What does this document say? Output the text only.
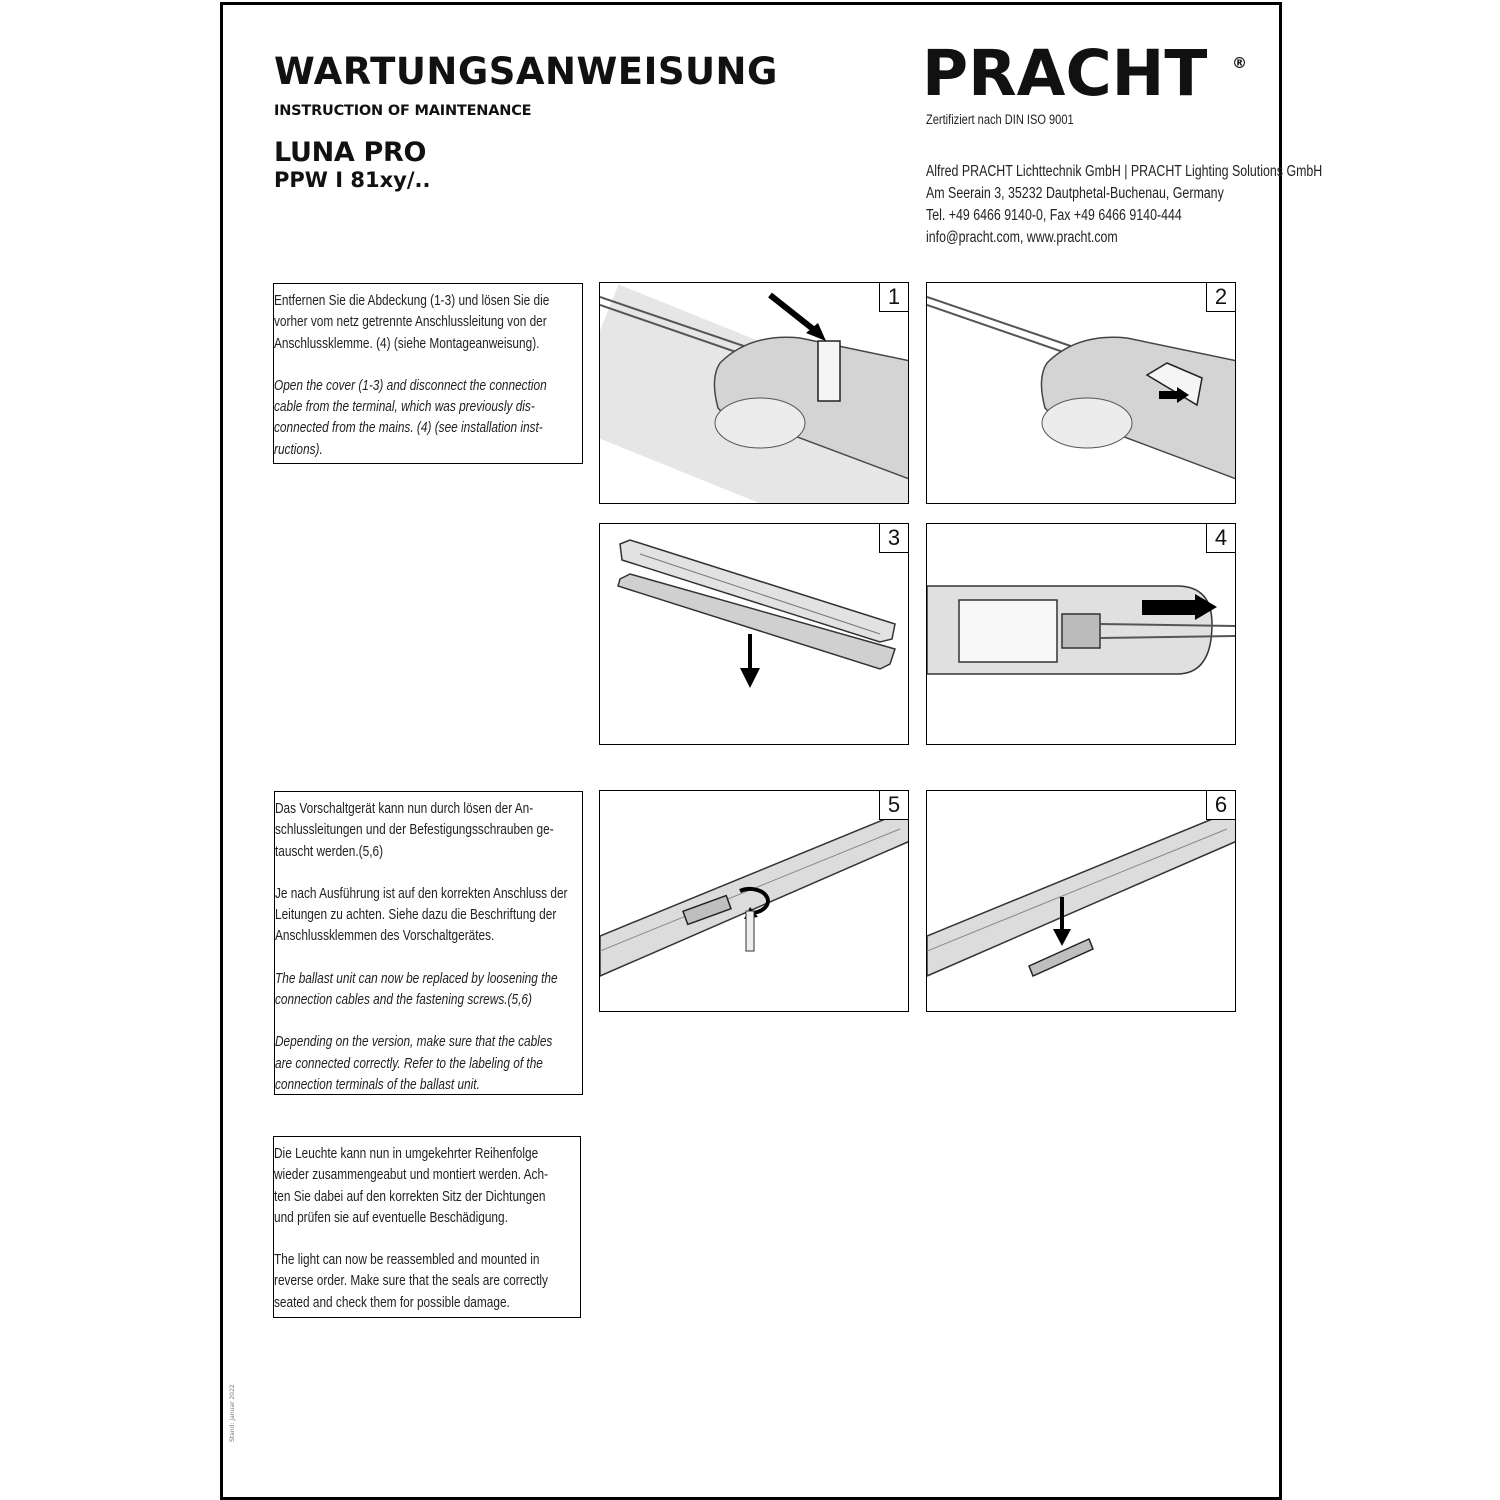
WARTUNGSANWEISUNG
INSTRUCTION OF MAINTENANCE
LUNA PRO
PPW I 81xy/..
PRACHT ®
Zertifiziert nach DIN ISO 9001
Alfred PRACHT Lichttechnik GmbH | PRACHT Lighting Solutions GmbH
Am Seerain 3, 35232 Dautphetal-Buchenau, Germany
Tel. +49 6466 9140-0, Fax +49 6466 9140-444
info@pracht.com, www.pracht.com

Entfernen Sie die Abdeckung (1-3) und lösen Sie die
vorher vom netz getrennte Anschlussleitung von der
Anschlussklemme. (4) (siehe Montageanweisung).

Open the cover (1-3) and disconnect the connection
cable from the terminal, which was previously dis-
connected from the mains. (4) (see installation inst-
ructions).

Das Vorschaltgerät kann nun durch lösen der An-
schlussleitungen und der Befestigungsschrauben ge-
tauscht werden.(5,6)

Je nach Ausführung ist auf den korrekten Anschluss der
Leitungen zu achten. Siehe dazu die Beschriftung der
Anschlussklemmen des Vorschaltgerätes.

The ballast unit can now be replaced by loosening the
connection cables and the fastening screws.(5,6)

Depending on the version, make sure that the cables
are connected correctly. Refer to the labeling of the
connection terminals of the ballast unit.

Die Leuchte kann nun in umgekehrter Reihenfolge
wieder zusammengeabut und montiert werden. Ach-
ten Sie dabei auf den korrekten Sitz der Dichtungen
und prüfen sie auf eventuelle Beschädigung.

The light can now be reassembled and mounted in
reverse order. Make sure that the seals are correctly
seated and check them for possible damage.

1	2
3	4
5	6
Stand: Januar 2022
